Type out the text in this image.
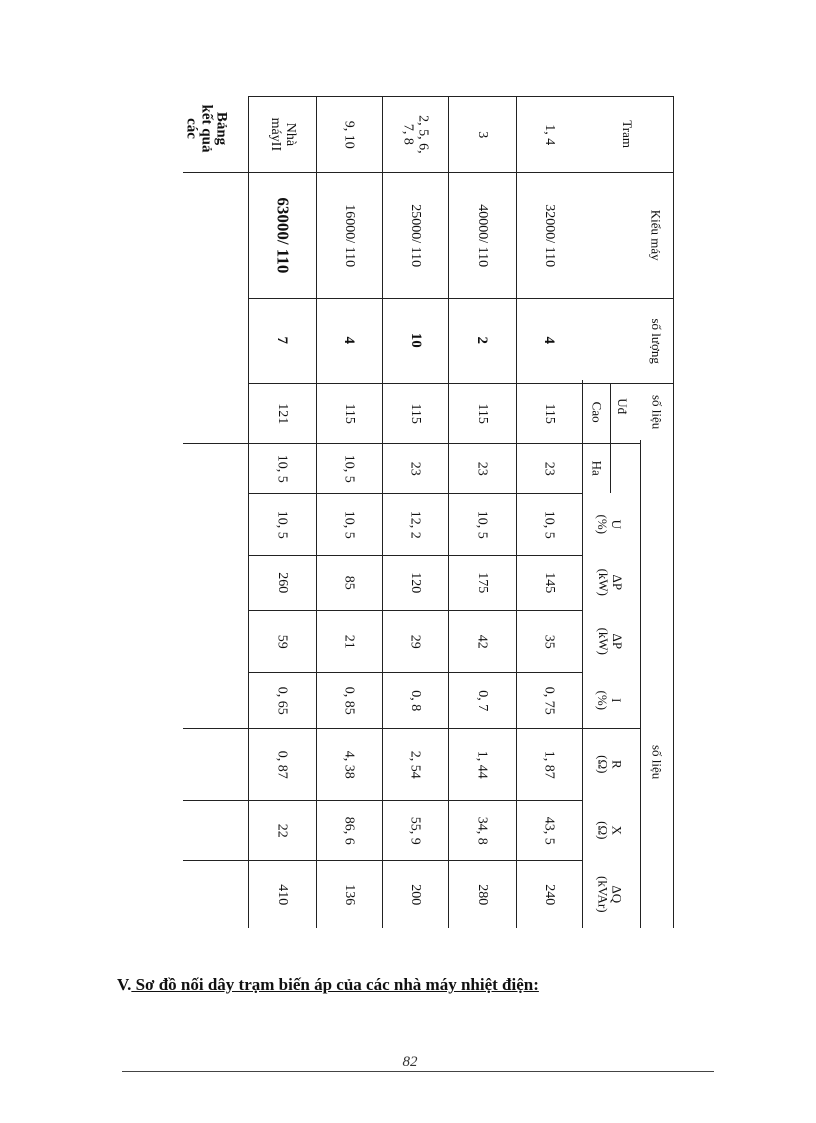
Bảng
kết quả
các	Tram
Kiểu máy
số lượng
số liệu
Uđ
Cao
Ha
U
(%)
ΔP
(kW)
ΔP
(kW)
I
(%)
số liệu
R
(Ω)
X
(Ω)
ΔQ
(kVAr)
1, 4
32000/ 110
4
115
23
10, 5
145
35
0, 75
1, 87
43, 5
240
3
40000/ 110
2
115
23
10, 5
175
42
0, 7
1, 44
34, 8
280
2, 5, 6,
7, 8
25000/ 110
10
115
23
12, 2
120
29
0, 8
2, 54
55, 9
200
9, 10
16000/ 110
4
115
10, 5
10, 5
85
21
0, 85
4, 38
86, 6
136
Nhà
máyII
63000/ 110
7
121
10, 5
10, 5
260
59
0, 65
0, 87
22
410
V. Sơ đồ nối dây trạm biến áp của các nhà máy nhiệt điện:
82
